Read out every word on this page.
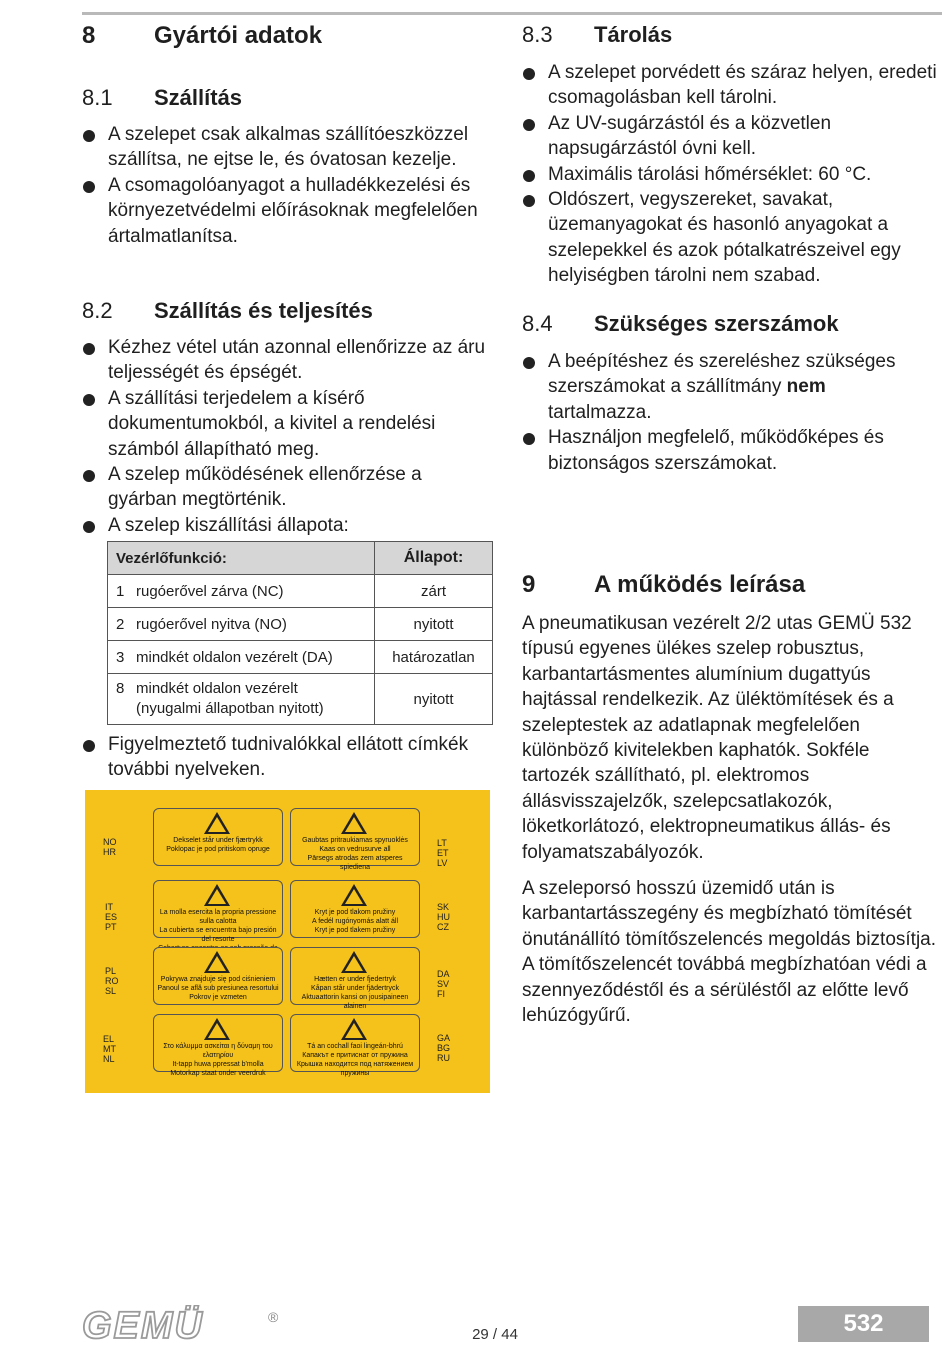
8	Gyártói adatok
8.1	Szállítás
A szelepet csak alkalmas szállítóeszközzel szállítsa, ne ejtse le, és óvatosan kezelje.
A csomagolóanyagot a hulladékkezelési és környezetvédelmi előírásoknak megfelelően ártalmatlanítsa.
8.2	Szállítás és teljesítés
Kézhez vétel után azonnal ellenőrizze az áru teljességét és épségét.
A szállítási terjedelem a kísérő dokumentumokból, a kivitel a rendelési számból állapítható meg.
A szelep működésének ellenőrzése a gyárban megtörténik.
A szelep kiszállítási állapota:
Vezérlőfunkció:	Állapot:
1 rugóerővel zárva (NC)	zárt
2 rugóerővel nyitva (NO)	nyitott
3 mindkét oldalon vezérelt (DA)	határozatlan
8 mindkét oldalon vezérelt
(nyugalmi állapotban nyitott)	nyitott
Figyelmeztető tudnivalókkal ellátott címkék további nyelveken.
NO
HR
IT
ES
PT
PL
RO
SL
EL
MT
NL
LT
ET
LV
SK
HU
CZ
DA
SV
FI
GA
BG
RU
Dekselet står under fjærtrykk
Poklopac je pod pritiskom opruge
Gaubtas pritraukiamas spyruoklės
Kaas on vedrusurve all
Pārsegs atrodas zem atsperes spiediena
La molla esercita la propria pressione sulla calotta
La cubierta se encuentra bajo presión del resorte

Kryt je pod tlakom pružiny
A fedél rugónyomás alatt áll
Kryt je pod tlakem pružiny
Pokrywa znajduje się pod ciśnieniem
Panoul se află sub presiunea resortului
Pokrov je vzmeten
Hætten er under fjedertryk
Kåpan står under fjädertryck
Aktuaattorin kansi on jousipaineen alainen
Στο κάλυμμα ασκείται η δύναμη του ελατηρίου
It-tapp huwa ppressat b'molla
Motorkap staat onder veerdruk
Tá an cochall faoi lingeán-bhrú
Капакът е притиснат от пружина
Крышка находится под натяжением пружины
8.3	Tárolás
A szelepet porvédett és száraz helyen, eredeti csomagolásban kell tárolni.
Az UV-sugárzástól és a közvetlen napsugárzástól óvni kell.
Maximális tárolási hőmérséklet: 60 °C.
Oldószert, vegyszereket, savakat, üzemanyagokat és hasonló anyagokat a szelepekkel és azok pótalkatrészeivel egy helyiségben tárolni nem szabad.
8.4	Szükséges szerszámok
A beépítéshez és szereléshez szükséges szerszámokat a szállítmány nem tartalmazza.
Használjon megfelelő, működőképes és biztonságos szerszámokat.
9	A működés leírása

A pneumatikusan vezérelt 2/2 utas GEMÜ 532 típusú egyenes ülékes szelep robusztus, karbantartásmentes alumínium dugattyús hajtással rendelkezik. Az üléktömítések és a szeleptestek az adatlapnak megfelelően különböző kivitelekben kaphatók. Sokféle tartozék szállítható, pl. elektromos állásvisszajelzők, szelepcsatlakozók, löketkorlátozó, elektropneumatikus állás- és folyamatszabályozók.

A szeleporsó hosszú üzemidő után is karbantartásszegény és megbízható tömítését önutánállító tömítőszelencés megoldás biztosítja. A tömítőszelencét továbbá megbízhatóan védi a szennyeződéstől és a sérüléstől az előtte levő lehúzógyűrű.

GEMÜ	®
29 / 44	532
